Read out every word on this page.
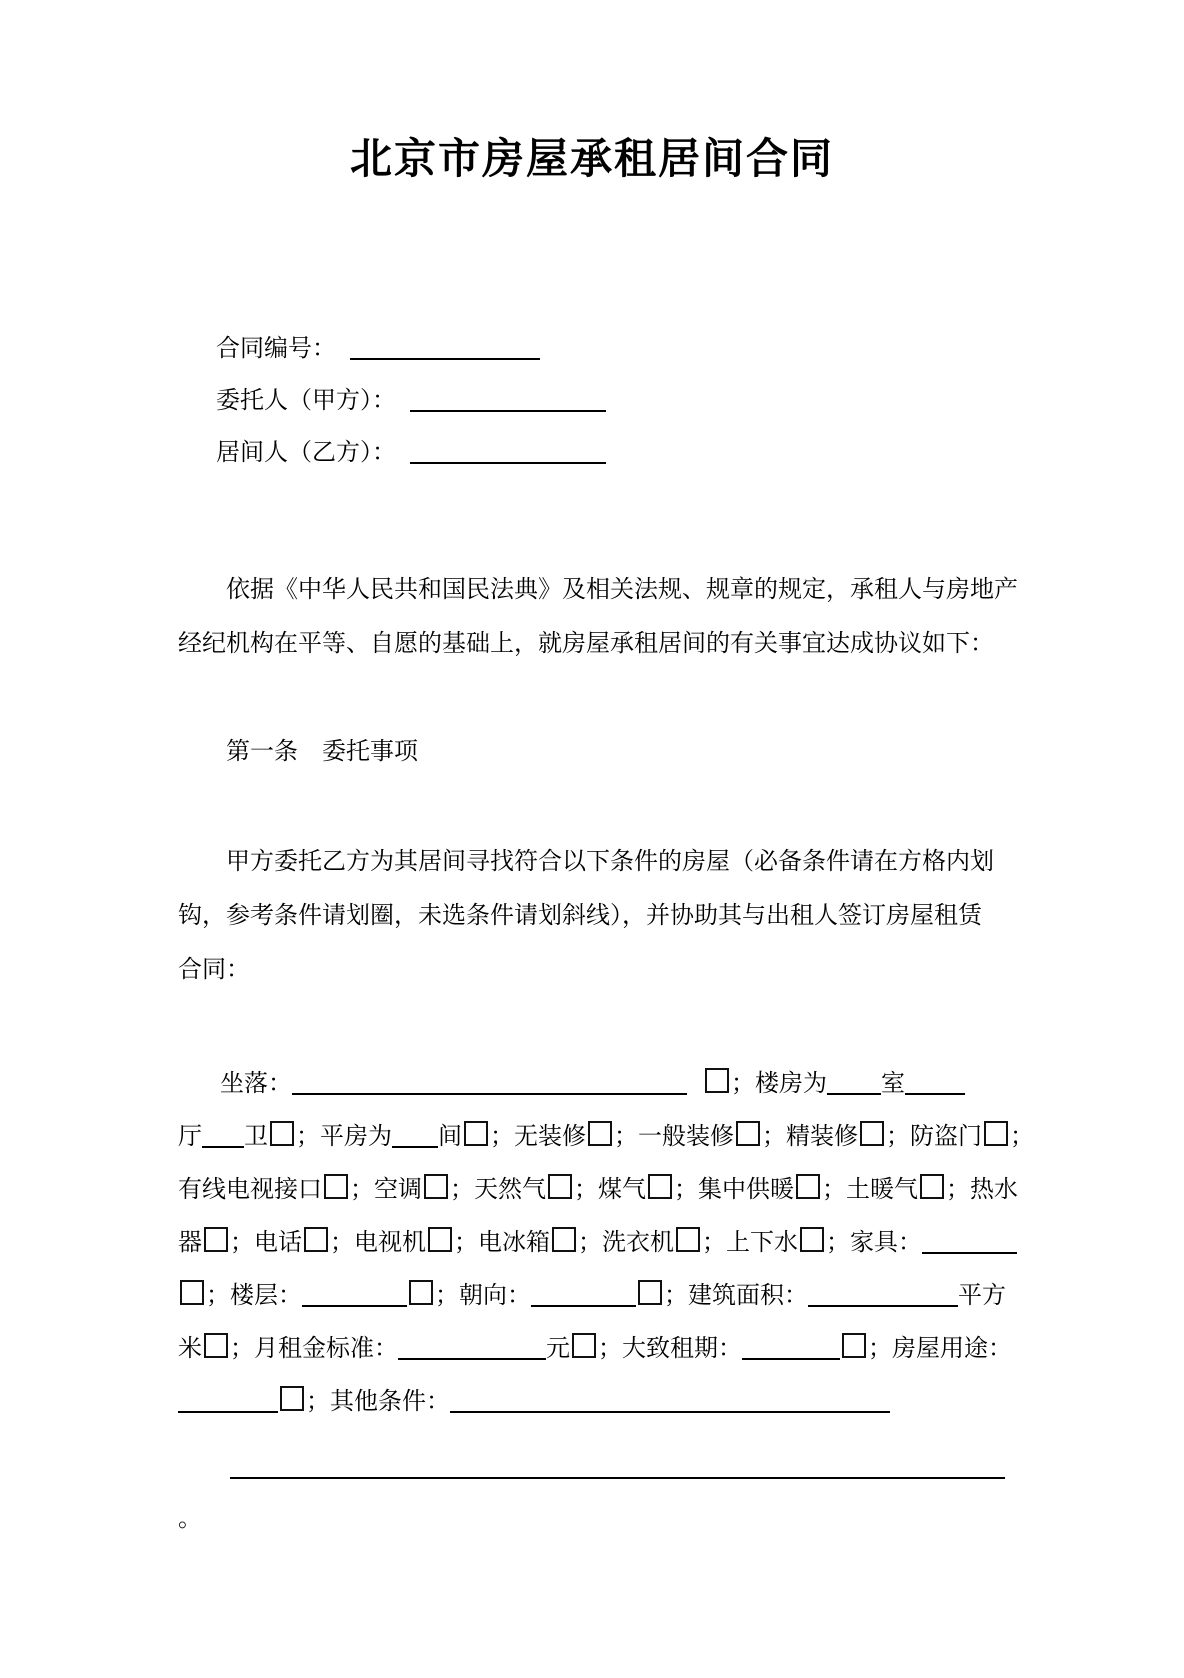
北京市房屋承租居间合同
合同编号：
委托人（甲方）：
居间人（乙方）：
依据《中华人民共和国民法典》及相关法规、规章的规定，承租人与房地产
经纪机构在平等、自愿的基础上，就房屋承租居间的有关事宜达成协议如下：
第一条　委托事项
甲方委托乙方为其居间寻找符合以下条件的房屋（必备条件请在方格内划
钩，参考条件请划圈，未选条件请划斜线），并协助其与出租人签订房屋租赁
合同：
坐落：	；楼房为 室
厅 卫 ；平房为 间 ；无装修 ；一般装修 ；精装修 ；防盗门 ；
有线电视接口 ；空调 ；天然气 ；煤气 ；集中供暖 ；土暖气 ；热水
器 ；电话 ；电视机 ；电冰箱 ；洗衣机 ；上下水 ；家具：
；楼层：	；朝向：	；建筑面积：	平方
米 ；月租金标准：	元 ；大致租期：	；房屋用途：
；其他条件：
。
